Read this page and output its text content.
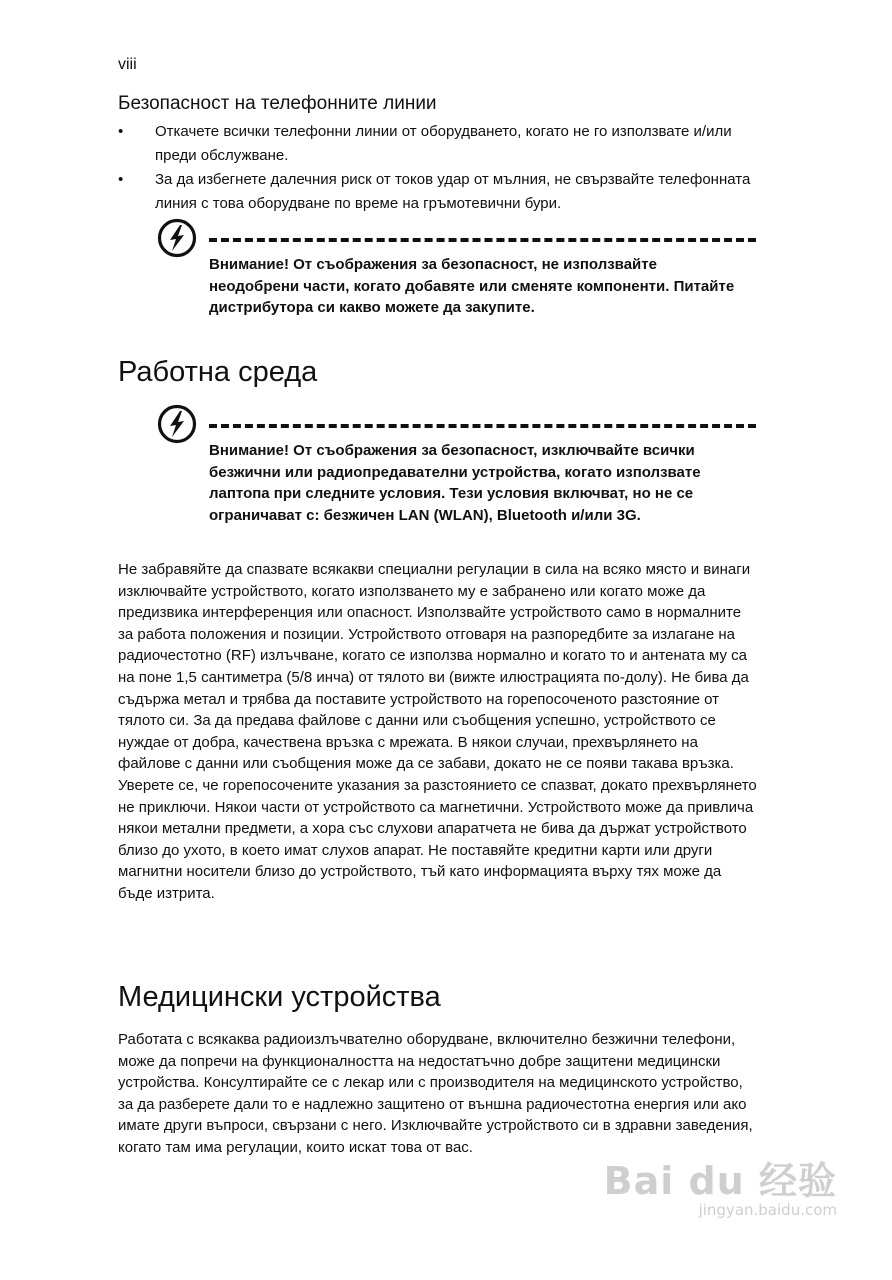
viii
Безопасност на телефонните линии
• Откачете всички телефонни линии от оборудването, когато не го използвате и/или преди обслужване.
• За да избегнете далечния риск от токов удар от мълния, не свързвайте телефонната линия с това оборудване по време на гръмотевични бури.
Внимание! От съображения за безопасност, не използвайте неодобрени части, когато добавяте или сменяте компоненти. Питайте дистрибутора си какво можете да закупите.
Работна среда
Внимание! От съображения за безопасност, изключвайте всички безжични или радиопредавателни устройства, когато използвате лаптопа при следните условия. Тези условия включват, но не се ограничават с: безжичен LAN (WLAN), Bluetooth и/или 3G.
Не забравяйте да спазвате всякакви специални регулации в сила на всяко място и винаги изключвайте устройството, когато използването му е забранено или когато може да предизвика интерференция или опасност. Използвайте устройството само в нормалните за работа положения и позиции. Устройството отговаря на разпоредбите за излагане на радиочестотно (RF) излъчване, когато се използва нормално и когато то и антената му са на поне 1,5 сантиметра (5/8 инча) от тялото ви (вижте илюстрацията по-долу). Не бива да съдържа метал и трябва да поставите устройството на горепосоченото разстояние от тялото си. За да предава файлове с данни или съобщения успешно, устройството се нуждае от добра, качествена връзка с мрежата. В някои случаи, прехвърлянето на файлове с данни или съобщения може да се забави, докато не се появи такава връзка. Уверете се, че горепосочените указания за разстоянието се спазват, докато прехвърлянето не приключи. Някои части от устройството са магнетични. Устройството може да привлича някои метални предмети, а хора със слухови апаратчета не бива да държат устройството близо до ухото, в което имат слухов апарат. Не поставяйте кредитни карти или други магнитни носители близо до устройството, тъй като информацията върху тях може да бъде изтрита.
Медицински устройства
Работата с всякаква радиоизлъчвателно оборудване, включително безжични телефони, може да попречи на функционалността на недостатъчно добре защитени медицински устройства. Консултирайте се с лекар или с производителя на медицинското устройство, за да разберете дали то е надлежно защитено от външна радиочестотна енергия или ако имате други въпроси, свързани с него. Изключвайте устройството си в здравни заведения, когато там има регулации, които искат това от вас.
Bai du 经验
jingyan.baidu.com
